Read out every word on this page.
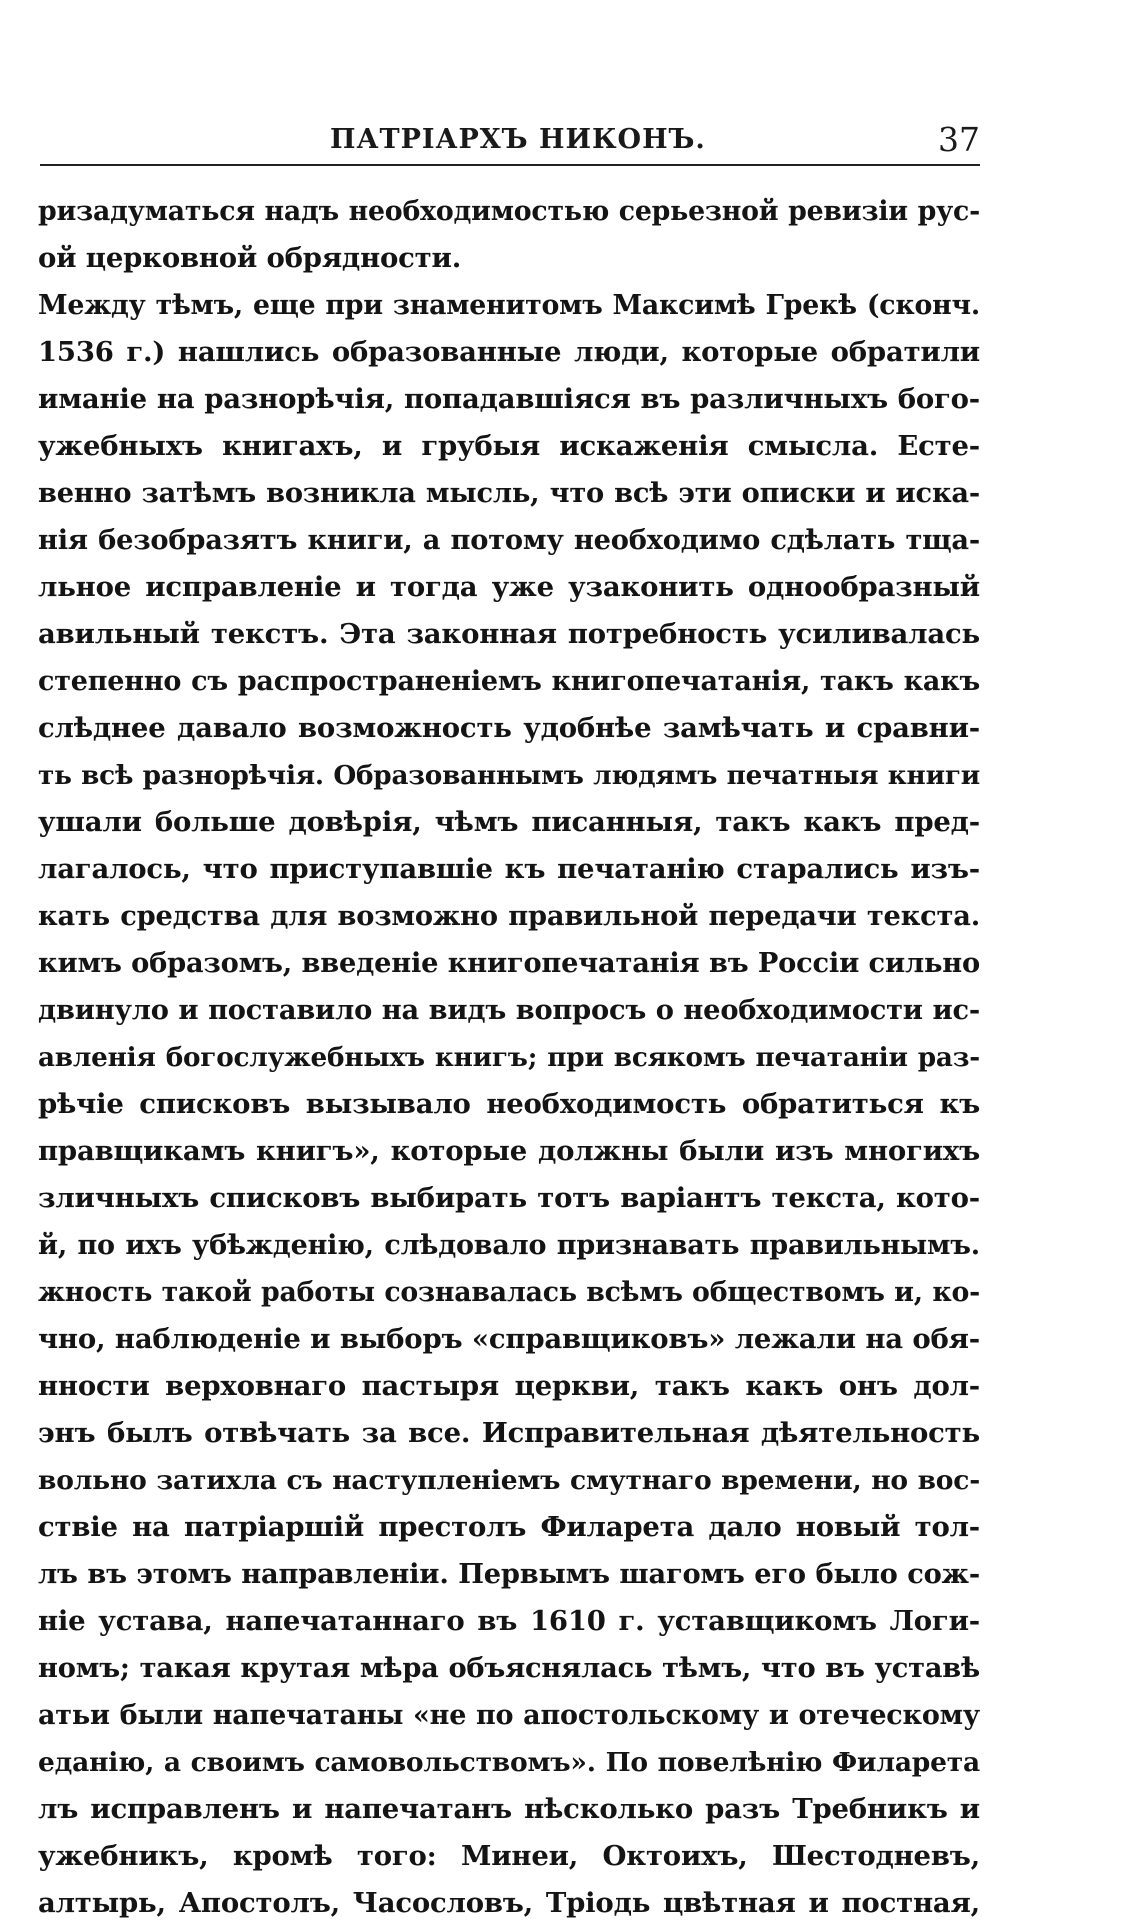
ПАТРІАРХЪ НИКОНЪ.	37
ризадуматься надъ необходимостью серьезной ревизіи рус-
ой церковной обрядности.
Между тѣмъ, еще при знаменитомъ Максимѣ Грекѣ (сконч.
1536 г.) нашлись образованные люди, которые обратили
иманіе на разнорѣчія, попадавшіяся въ различныхъ бого-
ужебныхъ книгахъ, и грубыя искаженія смысла. Есте-
венно затѣмъ возникла мысль, что всѣ эти описки и иска-
нія безобразятъ книги, а потому необходимо сдѣлать тща-
льное исправленіе и тогда уже узаконить однообразный
авильный текстъ. Эта законная потребность усиливалась
степенно съ распространеніемъ книгопечатанія, такъ какъ
слѣднее давало возможность удобнѣе замѣчать и сравни-
ть всѣ разнорѣчія. Образованнымъ людямъ печатныя книги
ушали больше довѣрія, чѣмъ писанныя, такъ какъ пред-
лагалось, что приступавшіе къ печатанію старались изъ-
кать средства для возможно правильной передачи текста.
кимъ образомъ, введеніе книгопечатанія въ Россіи сильно
двинуло и поставило на видъ вопросъ о необходимости ис-
авленія богослужебныхъ книгъ; при всякомъ печатаніи раз-
рѣчіе списковъ вызывало необходимость обратиться къ
правщикамъ книгъ», которые должны были изъ многихъ
зличныхъ списковъ выбирать тотъ варіантъ текста, кото-
й, по ихъ убѣжденію, слѣдовало признавать правильнымъ.
жность такой работы сознавалась всѣмъ обществомъ и, ко-
чно, наблюденіе и выборъ «справщиковъ» лежали на обя-
нности верховнаго пастыря церкви, такъ какъ онъ дол-
энъ былъ отвѣчать за все. Исправительная дѣятельность
вольно затихла съ наступленіемъ смутнаго времени, но вос-
ствіе на патріаршій престолъ Филарета дало новый тол-
лъ въ этомъ направленіи. Первымъ шагомъ его было сож-
ніе устава, напечатаннаго въ 1610 г. уставщикомъ Логи-
номъ; такая крутая мѣра объяснялась тѣмъ, что въ уставѣ
атьи были напечатаны «не по апостольскому и отеческому
еданію, а своимъ самовольствомъ». По повелѣнію Филарета
лъ исправленъ и напечатанъ нѣсколько разъ Требникъ и
ужебникъ, кромѣ того: Минеи, Октоихъ, Шестодневъ,
алтырь, Апостолъ, Часословъ, Тріодь цвѣтная и постная,
